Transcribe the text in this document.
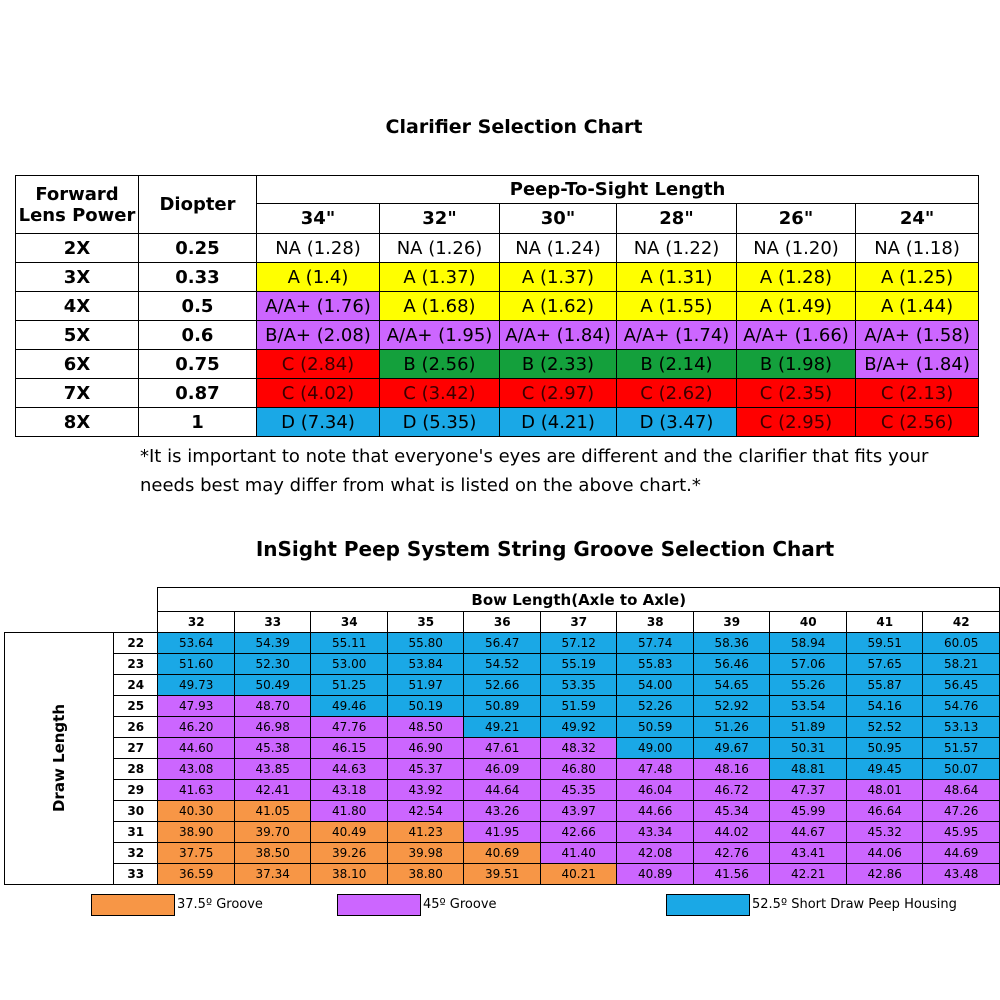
Clarifier Selection Chart
Forward
Lens Power	Diopter	Peep-To-Sight Length					
		34"	32"	30"	28"	26"	24"
2X	0.25	NA (1.28)	NA (1.26)	NA (1.24)	NA (1.22)	NA (1.20)	NA (1.18)
3X	0.33	A (1.4)	A (1.37)	A (1.37)	A (1.31)	A (1.28)	A (1.25)
4X	0.5	A/A+ (1.76)	A (1.68)	A (1.62)	A (1.55)	A (1.49)	A (1.44)
5X	0.6	B/A+ (2.08)	A/A+ (1.95)	A/A+ (1.84)	A/A+ (1.74)	A/A+ (1.66)	A/A+ (1.58)
6X	0.75	C (2.84)	B (2.56)	B (2.33)	B (2.14)	B (1.98)	B/A+ (1.84)
7X	0.87	C (4.02)	C (3.42)	C (2.97)	C (2.62)	C (2.35)	C (2.13)
8X	1	D (7.34)	D (5.35)	D (4.21)	D (3.47)	C (2.95)	C (2.56)
*It is important to note that everyone's eyes are different and the clarifier that fits your
needs best may differ from what is listed on the above chart.*
InSight Peep System String Groove Selection Chart
		Bow Length(Axle to Axle)										
		32	33	34	35	36	37	38	39	40	41	42
Draw Length	22	53.64	54.39	55.11	55.80	56.47	57.12	57.74	58.36	58.94	59.51	60.05
	23	51.60	52.30	53.00	53.84	54.52	55.19	55.83	56.46	57.06	57.65	58.21
	24	49.73	50.49	51.25	51.97	52.66	53.35	54.00	54.65	55.26	55.87	56.45
	25	47.93	48.70	49.46	50.19	50.89	51.59	52.26	52.92	53.54	54.16	54.76
	26	46.20	46.98	47.76	48.50	49.21	49.92	50.59	51.26	51.89	52.52	53.13
	27	44.60	45.38	46.15	46.90	47.61	48.32	49.00	49.67	50.31	50.95	51.57
	28	43.08	43.85	44.63	45.37	46.09	46.80	47.48	48.16	48.81	49.45	50.07
	29	41.63	42.41	43.18	43.92	44.64	45.35	46.04	46.72	47.37	48.01	48.64
	30	40.30	41.05	41.80	42.54	43.26	43.97	44.66	45.34	45.99	46.64	47.26
	31	38.90	39.70	40.49	41.23	41.95	42.66	43.34	44.02	44.67	45.32	45.95
	32	37.75	38.50	39.26	39.98	40.69	41.40	42.08	42.76	43.41	44.06	44.69
	33	36.59	37.34	38.10	38.80	39.51	40.21	40.89	41.56	42.21	42.86	43.48
37.5º Groove	45º Groove	52.5º Short Draw Peep Housing
